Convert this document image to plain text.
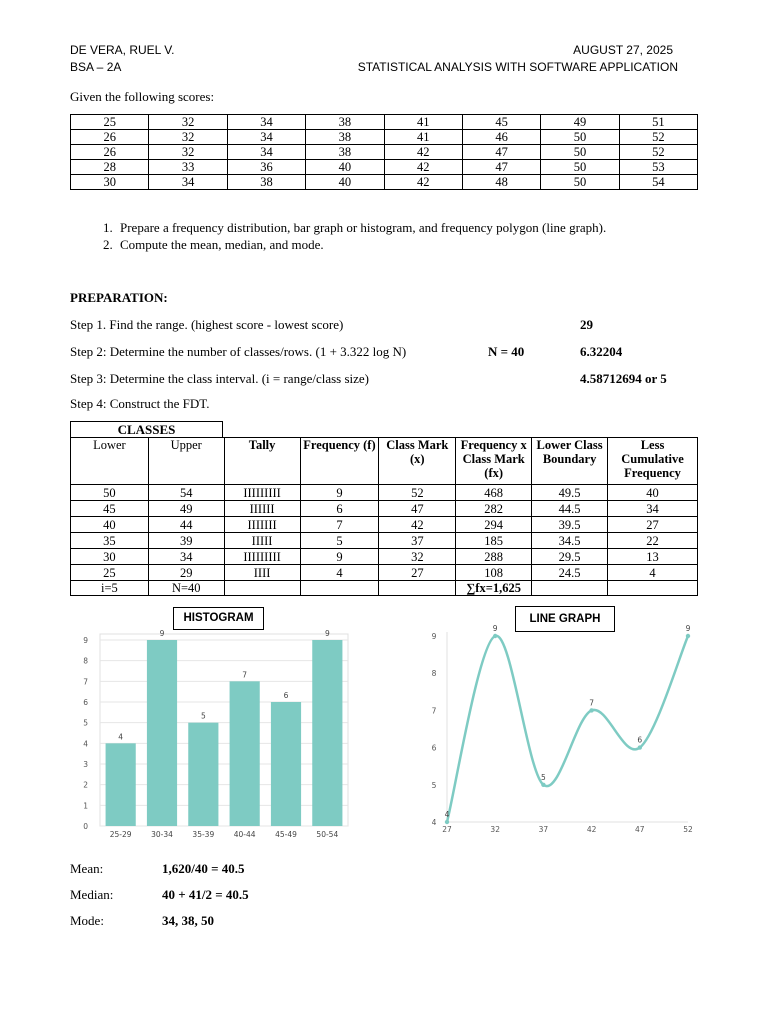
DE VERA, RUEL V.
BSA – 2A
AUGUST 27, 2025
STATISTICAL ANALYSIS WITH SOFTWARE APPLICATION
Given the following scores:
25	32	34	38	41	45	49	51
26	32	34	38	41	46	50	52
26	32	34	38	42	47	50	52
28	33	36	40	42	47	50	53
30	34	38	40	42	48	50	54
1. Prepare a frequency distribution, bar graph or histogram, and frequency polygon (line graph).
2. Compute the mean, median, and mode.
PREPARATION:
Step 1. Find the range. (highest score - lowest score)	29
Step 2: Determine the number of classes/rows. (1 + 3.322 log N)	N = 40	6.32204
Step 3: Determine the class interval. (i = range/class size)	4.58712694 or 5
Step 4: Construct the FDT.
CLASSES
Lower	Upper	Tally	Frequency (f)	Class Mark (x)	Frequency x Class Mark (fx)	Lower Class Boundary	Less Cumulative Frequency
50	54	IIIIIIIII	9	52	468	49.5	40
45	49	IIIIII	6	47	282	44.5	34
40	44	IIIIIII	7	42	294	39.5	27
35	39	IIIII	5	37	185	34.5	22
30	34	IIIIIIIII	9	32	288	29.5	13
25	29	IIII	4	27	108	24.5	4
i=5	N=40				∑fx=1,625		
HISTOGRAM
0
1
2
3
4
5
6
7
8
9
4
25-29
9
30-34
5
35-39
7
40-44
6
45-49
9
50-54
LINE GRAPH
4
5
6
7
8
9
27	32	37	42	47	52
4
9
5
7
6
9
Mean:	1,620/40 = 40.5
Median:	40 + 41/2 = 40.5
Mode:	34, 38, 50
